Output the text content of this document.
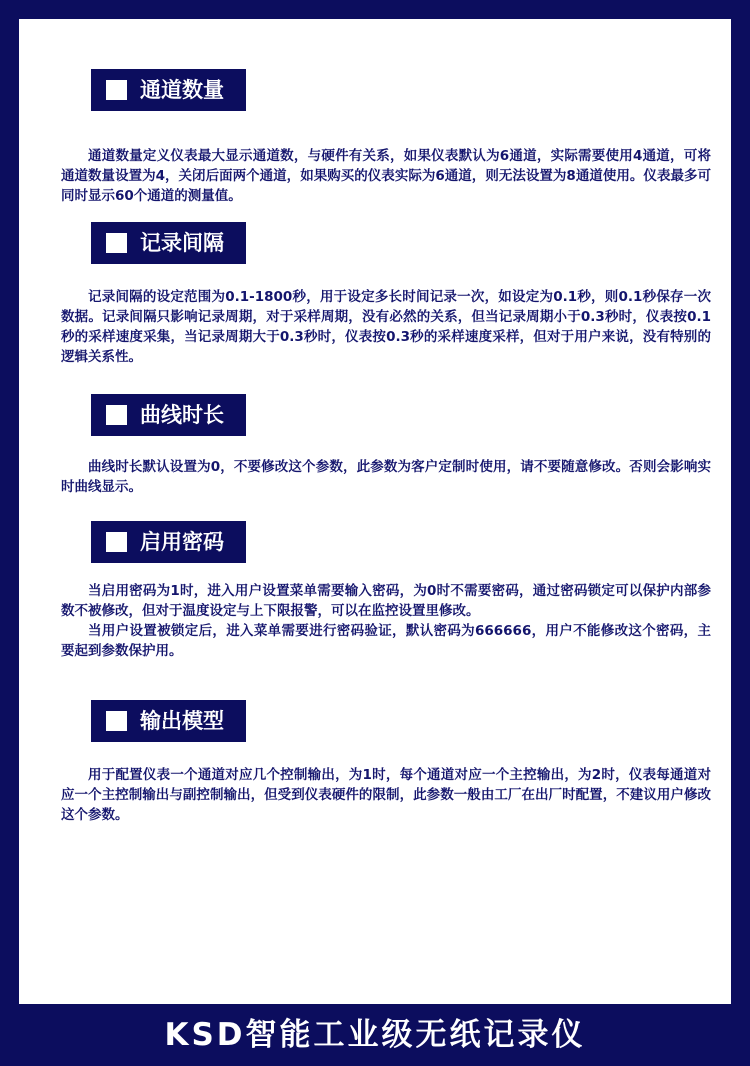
通道数量

通道数量定义仪表最大显示通道数，与硬件有关系，如果仪表默认为6通道，实际需要使用4通道，可将通道数量设置为4，关闭后面两个通道，如果购买的仪表实际为6通道，则无法设置为8通道使用。仪表最多可同时显示60个通道的测量值。

记录间隔

记录间隔的设定范围为0.1-1800秒，用于设定多长时间记录一次，如设定为0.1秒，则0.1秒保存一次数据。记录间隔只影响记录周期，对于采样周期，没有必然的关系，但当记录周期小于0.3秒时，仪表按0.1秒的采样速度采集，当记录周期大于0.3秒时，仪表按0.3秒的采样速度采样，但对于用户来说，没有特别的逻辑关系性。

曲线时长

曲线时长默认设置为0，不要修改这个参数，此参数为客户定制时使用，请不要随意修改。否则会影响实时曲线显示。

启用密码

当启用密码为1时，进入用户设置菜单需要输入密码，为0时不需要密码，通过密码锁定可以保护内部参数不被修改，但对于温度设定与上下限报警，可以在监控设置里修改。

当用户设置被锁定后，进入菜单需要进行密码验证，默认密码为666666，用户不能修改这个密码，主要起到参数保护用。

输出模型

用于配置仪表一个通道对应几个控制输出，为1时，每个通道对应一个主控输出，为2时，仪表每通道对应一个主控制输出与副控制输出，但受到仪表硬件的限制，此参数一般由工厂在出厂时配置，不建议用户修改这个参数。

KSD智能工业级无纸记录仪
